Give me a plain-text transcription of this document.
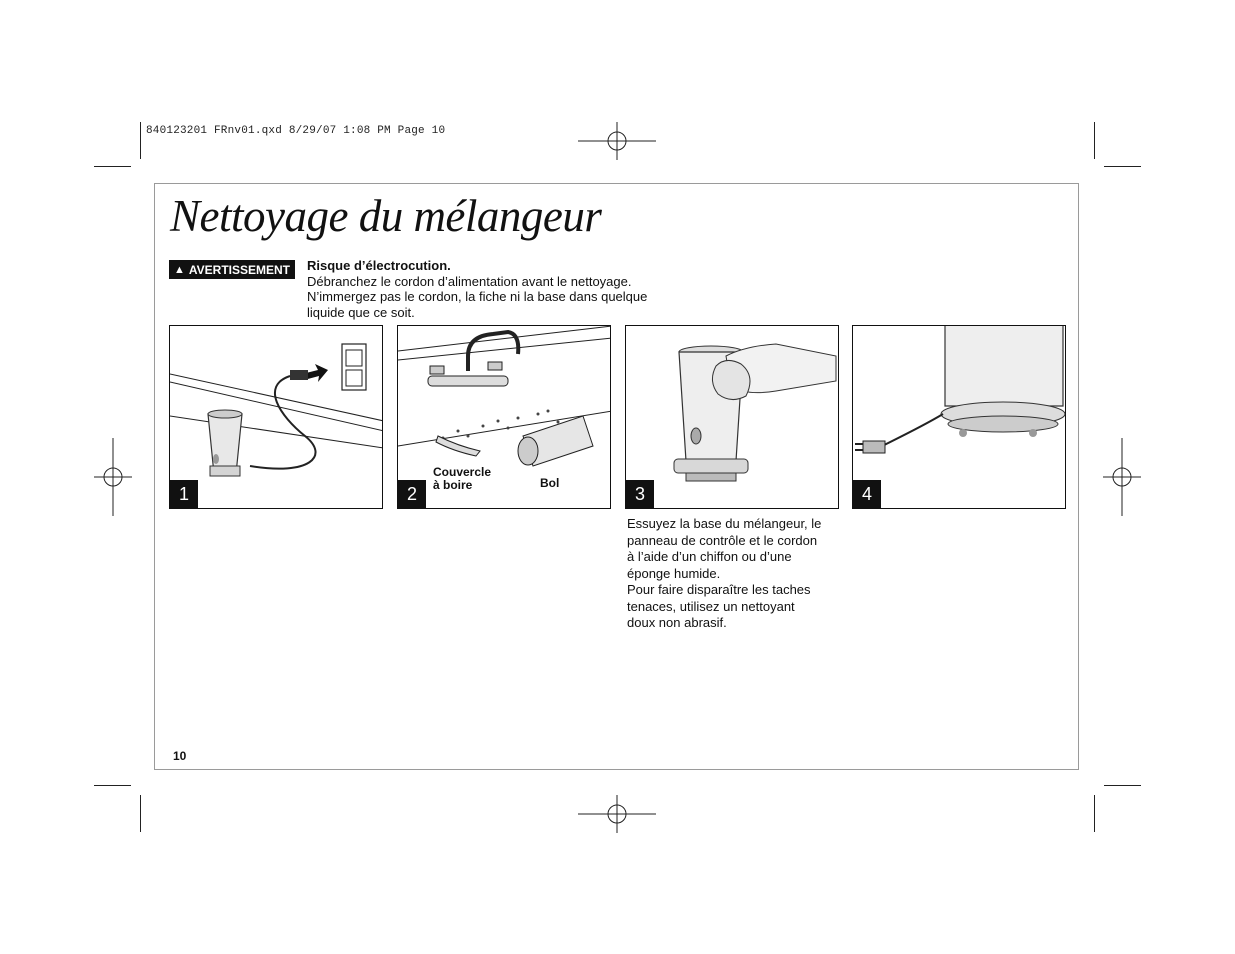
840123201 FRnv01.qxd 8/29/07 1:08 PM Page 10
Nettoyage du mélangeur
▲ AVERTISSEMENT Risque d’électrocution.
Débranchez le cordon d’alimentation avant le nettoyage.
N’immergez pas le cordon, la fiche ni la base dans quelque
liquide que ce soit.
1
Couvercle
à boire	Bol
2	3	4
Essuyez la base du mélangeur, le
panneau de contrôle et le cordon
à l’aide d’un chiffon ou d’une
éponge humide.
Pour faire disparaître les taches
tenaces, utilisez un nettoyant
doux non abrasif.
10
